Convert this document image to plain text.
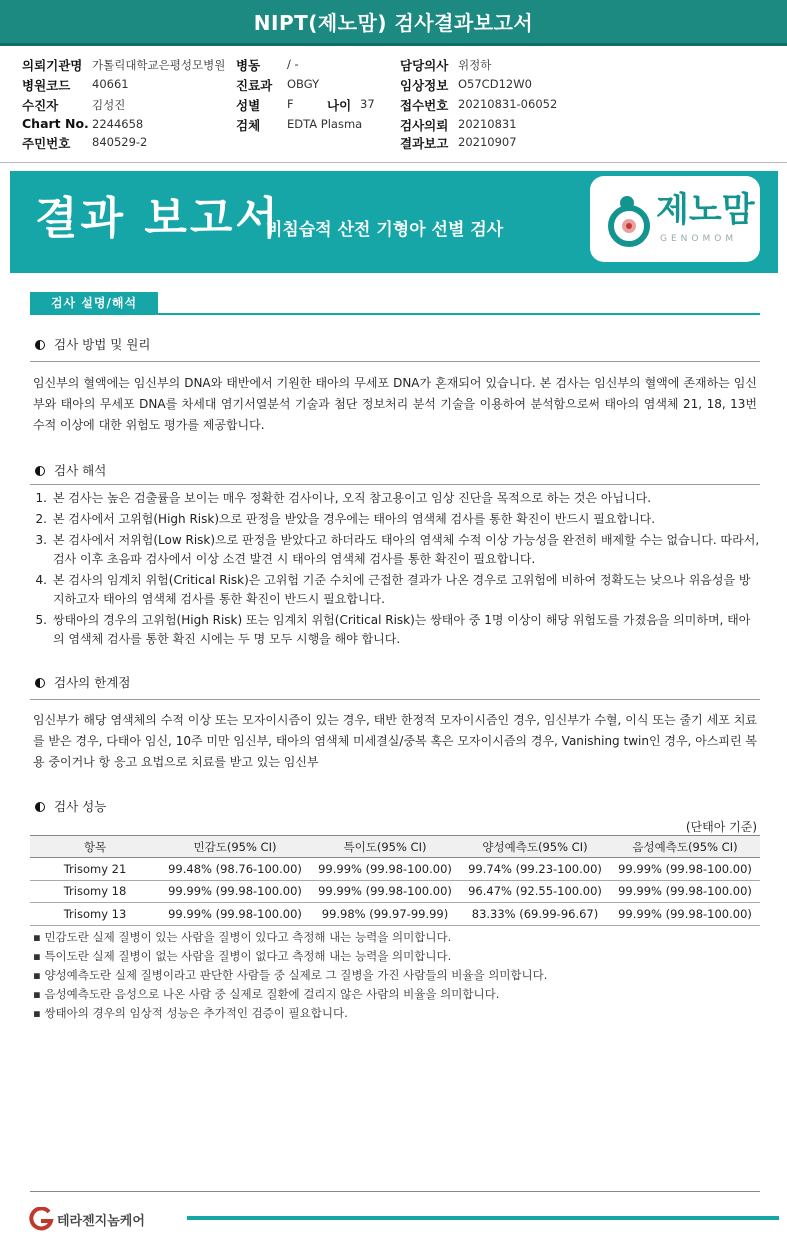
NIPT(제노맘) 검사결과보고서
의뢰기관명 가톨릭대학교은평성모병원 병동 / -	담당의사 위정하
병원코드 40661	진료과 OBGY	임상정보 O57CD12W0
수진자	김성진	성별 F	나이 37 접수번호 20210831-06052
Chart No. 2244658	검체 EDTA Plasma	검사의뢰 20210831
주민번호 840529-2	결과보고 20210907
결과 보고서
비침습적 산전 기형아 선별 검사	제노맘
GENOMOM
검사 설명/해석
검사 방법 및 원리
임신부의 혈액에는 임신부의 DNA와 태반에서 기원한 태아의 무세포 DNA가 혼재되어 있습니다. 본 검사는 임신부의 혈액에 존재하는 임신부와 태아의 무세포 DNA를 차세대 염기서열분석 기술과 첨단 정보처리 분석 기술을 이용하여 분석함으로써 태아의 염색체 21, 18, 13번 수적 이상에 대한 위험도 평가를 제공합니다.
검사 해석
1. 본 검사는 높은 검출률을 보이는 매우 정확한 검사이나, 오직 참고용이고 임상 진단을 목적으로 하는 것은 아닙니다.
2. 본 검사에서 고위험(High Risk)으로 판정을 받았을 경우에는 태아의 염색체 검사를 통한 확진이 반드시 필요합니다.
3. 본 검사에서 저위험(Low Risk)으로 판정을 받았다고 하더라도 태아의 염색체 수적 이상 가능성을 완전히 배제할 수는 없습니다. 따라서, 검사 이후 초음파 검사에서 이상 소견 발견 시 태아의 염색체 검사를 통한 확진이 필요합니다.
4. 본 검사의 임계치 위험(Critical Risk)은 고위험 기준 수치에 근접한 결과가 나온 경우로 고위험에 비하여 정확도는 낮으나 위음성을 방지하고자 태아의 염색체 검사를 통한 확진이 반드시 필요합니다.
5. 쌍태아의 경우의 고위험(High Risk) 또는 임계치 위험(Critical Risk)는 쌍태아 중 1명 이상이 해당 위험도를 가졌음을 의미하며, 태아의 염색체 검사를 통한 확진 시에는 두 명 모두 시행을 해야 합니다.
검사의 한계점
임신부가 해당 염색체의 수적 이상 또는 모자이시즘이 있는 경우, 태반 한정적 모자이시즘인 경우, 임신부가 수혈, 이식 또는 줄기 세포 치료를 받은 경우, 다태아 임신, 10주 미만 임신부, 태아의 염색체 미세결실/중복 혹은 모자이시즘의 경우, Vanishing twin인 경우, 아스피린 복용 중이거나 항 응고 요법으로 치료를 받고 있는 임신부
검사 성능
(단태아 기준)
항목	민감도(95% CI)	특이도(95% CI)	양성예측도(95% CI)	음성예측도(95% CI)
Trisomy 21	99.48% (98.76-100.00)	99.99% (99.98-100.00)	99.74% (99.23-100.00)	99.99% (99.98-100.00)
Trisomy 18	99.99% (99.98-100.00)	99.99% (99.98-100.00)	96.47% (92.55-100.00)	99.99% (99.98-100.00)
Trisomy 13	99.99% (99.98-100.00)	99.98% (99.97-99.99)	83.33% (69.99-96.67)	99.99% (99.98-100.00)
▪ 민감도란 실제 질병이 있는 사람을 질병이 있다고 측정해 내는 능력을 의미합니다.
▪ 특이도란 실제 질병이 없는 사람을 질병이 없다고 측정해 내는 능력을 의미합니다.
▪ 양성예측도란 실제 질병이라고 판단한 사람들 중 실제로 그 질병을 가진 사람들의 비율을 의미합니다.
▪ 음성예측도란 음성으로 나온 사람 중 실제로 질환에 걸리지 않은 사람의 비율을 의미합니다.
▪ 쌍태아의 경우의 임상적 성능은 추가적인 검증이 필요합니다.
테라젠지놈케어
